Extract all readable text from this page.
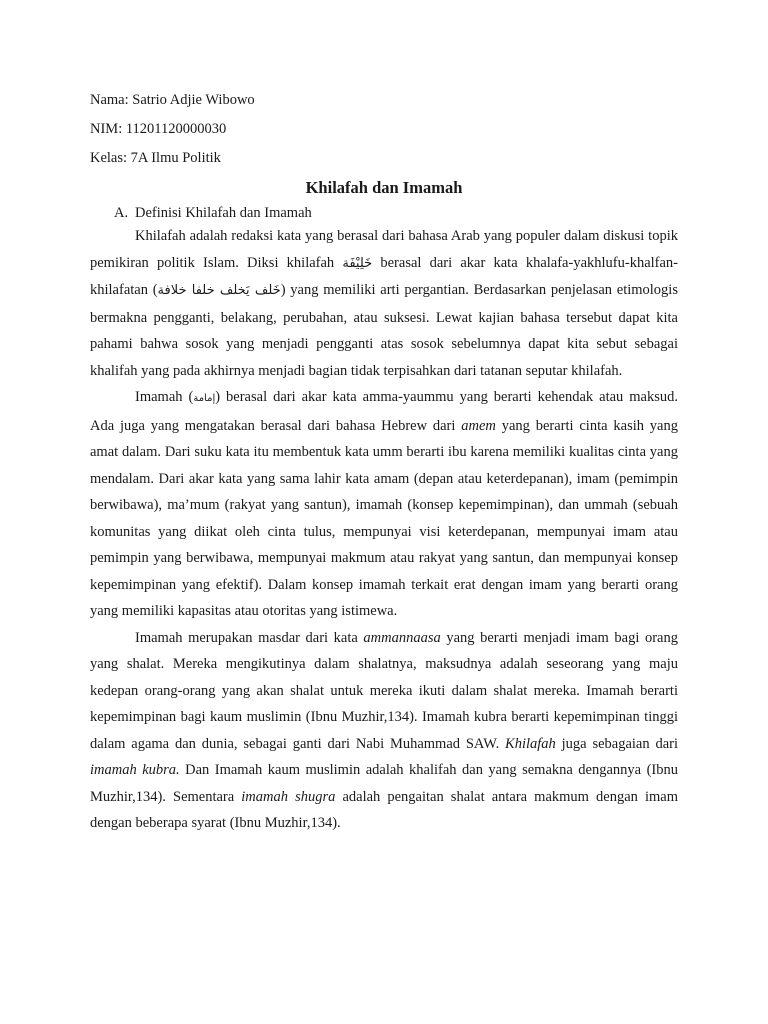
Nama: Satrio Adjie Wibowo
NIM: 11201120000030
Kelas: 7A Ilmu Politik
Khilafah dan Imamah
A. Definisi Khilafah dan Imamah

Khilafah adalah redaksi kata yang berasal dari bahasa Arab yang populer dalam diskusi topik pemikiran politik Islam. Diksi khilafah خَلِيْفَة berasal dari akar kata khalafa-yakhlufu-khalfan-khilafatan (خَلف يَخلف خلفا خلافة) yang memiliki arti pergantian. Berdasarkan penjelasan etimologis bermakna pengganti, belakang, perubahan, atau suksesi. Lewat kajian bahasa tersebut dapat kita pahami bahwa sosok yang menjadi pengganti atas sosok sebelumnya dapat kita sebut sebagai khalifah yang pada akhirnya menjadi bagian tidak terpisahkan dari tatanan seputar khilafah.

Imamah (إمامة) berasal dari akar kata amma-yaummu yang berarti kehendak atau maksud. Ada juga yang mengatakan berasal dari bahasa Hebrew dari amem yang berarti cinta kasih yang amat dalam. Dari suku kata itu membentuk kata umm berarti ibu karena memiliki kualitas cinta yang mendalam. Dari akar kata yang sama lahir kata amam (depan atau keterdepanan), imam (pemimpin berwibawa), ma’mum (rakyat yang santun), imamah (konsep kepemimpinan), dan ummah (sebuah komunitas yang diikat oleh cinta tulus, mempunyai visi keterdepanan, mempunyai imam atau pemimpin yang berwibawa, mempunyai makmum atau rakyat yang santun, dan mempunyai konsep kepemimpinan yang efektif). Dalam konsep imamah terkait erat dengan imam yang berarti orang yang memiliki kapasitas atau otoritas yang istimewa.

Imamah merupakan masdar dari kata ammannaasa yang berarti menjadi imam bagi orang yang shalat. Mereka mengikutinya dalam shalatnya, maksudnya adalah seseorang yang maju kedepan orang-orang yang akan shalat untuk mereka ikuti dalam shalat mereka. Imamah berarti kepemimpinan bagi kaum muslimin (Ibnu Muzhir,134). Imamah kubra berarti kepemimpinan tinggi dalam agama dan dunia, sebagai ganti dari Nabi Muhammad SAW. Khilafah juga sebagaian dari imamah kubra. Dan Imamah kaum muslimin adalah khalifah dan yang semakna dengannya (Ibnu Muzhir,134). Sementara imamah shugra adalah pengaitan shalat antara makmum dengan imam dengan beberapa syarat (Ibnu Muzhir,134).
